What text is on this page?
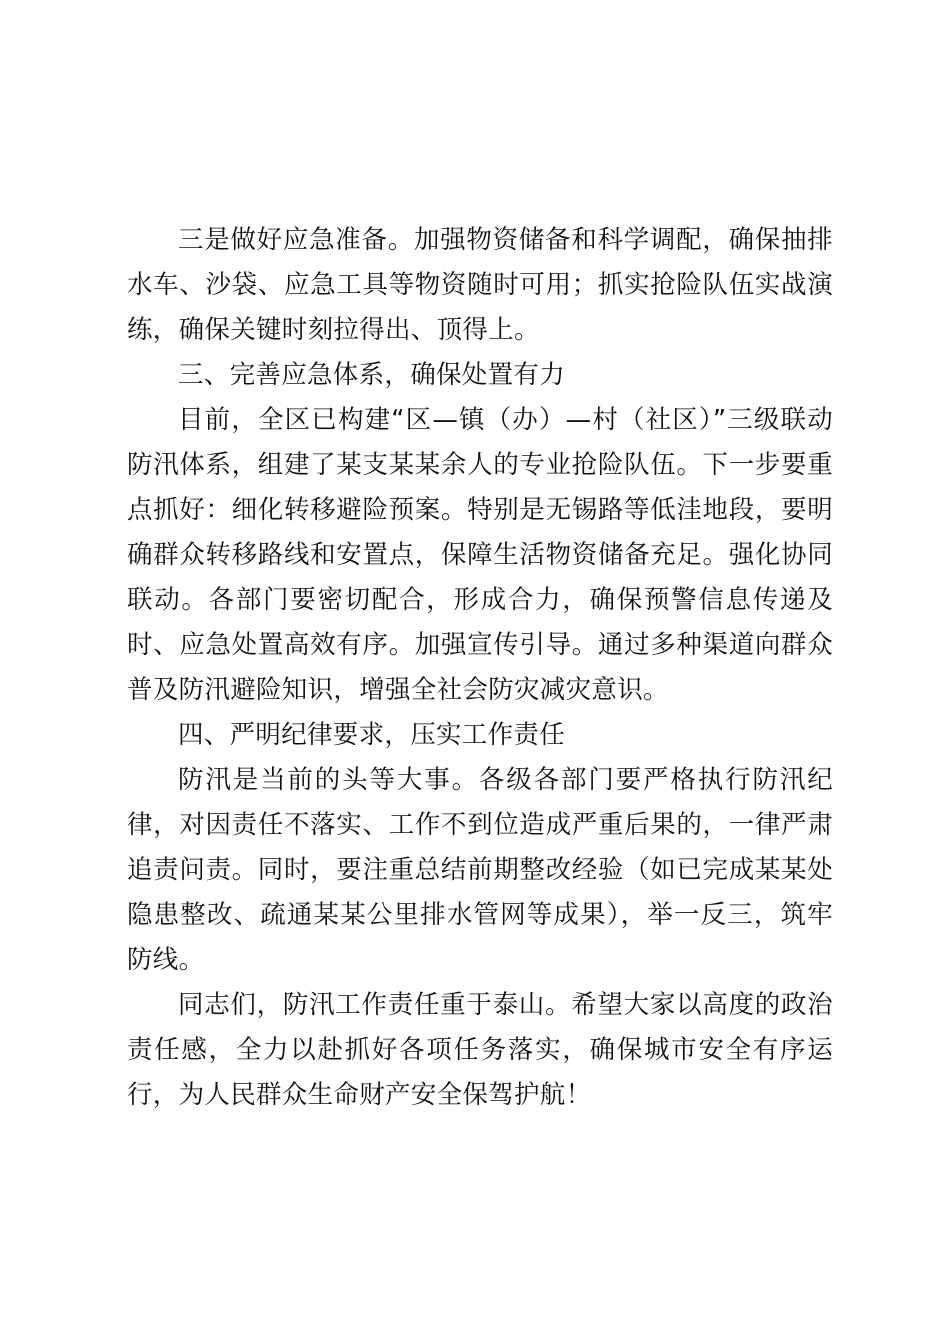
三是做好应急准备。加强物资储备和科学调配，确保抽排水车、沙袋、应急工具等物资随时可用；抓实抢险队伍实战演练，确保关键时刻拉得出、顶得上。

三、完善应急体系，确保处置有力

目前，全区已构建“区—镇（办）—村（社区）”三级联动防汛体系，组建了某支某某余人的专业抢险队伍。下一步要重点抓好：细化转移避险预案。特别是无锡路等低洼地段，要明确群众转移路线和安置点，保障生活物资储备充足。强化协同联动。各部门要密切配合，形成合力，确保预警信息传递及时、应急处置高效有序。加强宣传引导。通过多种渠道向群众普及防汛避险知识，增强全社会防灾减灾意识。

四、严明纪律要求，压实工作责任

防汛是当前的头等大事。各级各部门要严格执行防汛纪律，对因责任不落实、工作不到位造成严重后果的，一律严肃追责问责。同时，要注重总结前期整改经验（如已完成某某处隐患整改、疏通某某公里排水管网等成果），举一反三，筑牢防线。

同志们，防汛工作责任重于泰山。希望大家以高度的政治责任感，全力以赴抓好各项任务落实，确保城市安全有序运行，为人民群众生命财产安全保驾护航！
